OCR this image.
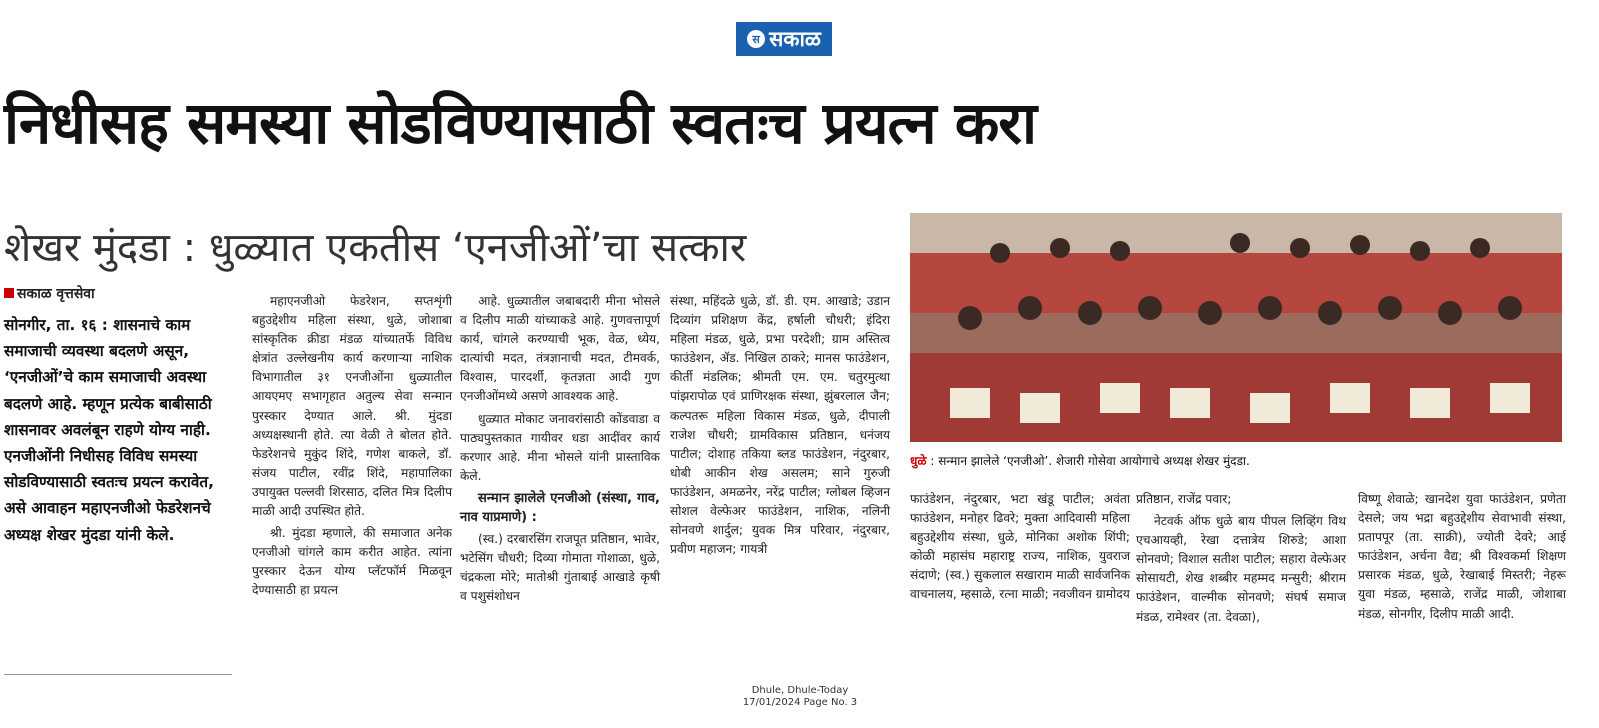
स सकाळ
निधीसह समस्या सोडविण्यासाठी स्वतःच प्रयत्न करा
शेखर मुंदडा : धुळ्यात एकतीस ‘एनजीओं’चा सत्कार
सकाळ वृत्तसेवा
सोनगीर, ता. १६ : शासनाचे काम समाजाची व्यवस्था बदलणे असून, ‘एनजीओं’चे काम समाजाची अवस्था बदलणे आहे. म्हणून प्रत्येक बाबीसाठी शासनावर अवलंबून राहणे योग्य नाही. एनजीओंनी निधीसह विविध समस्या सोडविण्यासाठी स्वतःच प्रयत्न करावेत, असे आवाहन महाएनजीओ फेडरेशनचे अध्यक्ष शेखर मुंदडा यांनी केले.

महाएनजीओ फेडरेशन, सप्तशृंगी बहुउद्देशीय महिला संस्था, धुळे, जोशाबा सांस्कृतिक क्रीडा मंडळ यांच्यातर्फे विविध क्षेत्रांत उल्लेखनीय कार्य करणाऱ्या नाशिक विभागातील ३१ एनजीओंना धुळ्यातील आयएमए सभागृहात अतुल्य सेवा सन्मान पुरस्कार देण्यात आले. श्री. मुंदडा अध्यक्षस्थानी होते. त्या वेळी ते बोलत होते. फेडरेशनचे मुकुंद शिंदे, गणेश बाकले, डॉ. संजय पाटील, रवींद्र शिंदे, महापालिका उपायुक्त पल्लवी शिरसाठ, दलित मित्र दिलीप माळी आदी उपस्थित होते.

श्री. मुंदडा म्हणाले, की समाजात अनेक एनजीओ चांगले काम करीत आहेत. त्यांना पुरस्कार देऊन योग्य प्लॅटफॉर्म मिळवून देण्यासाठी हा प्रयत्न

आहे. धुळ्यातील जबाबदारी मीना भोसले व दिलीप माळी यांच्याकडे आहे. गुणवत्तापूर्ण कार्य, चांगले करण्याची भूक, वेळ, ध्येय, दात्यांची मदत, तंत्रज्ञानाची मदत, टीमवर्क, विश्वास, पारदर्शी, कृतज्ञता आदी गुण एनजीओंमध्ये असणे आवश्यक आहे.

धुळ्यात मोकाट जनावरांसाठी कोंडवाडा व पाठ्यपुस्तकात गायीवर धडा आदींवर कार्य करणार आहे. मीना भोसले यांनी प्रास्ताविक केले.

सन्मान झालेले एनजीओ (संस्था, गाव, नाव याप्रमाणे) :

(स्व.) दरबारसिंग राजपूत प्रतिष्ठान, भावेर, भटेसिंग चौधरी; दिव्या गोमाता गोशाळा, धुळे, चंद्रकला मोरे; मातोश्री गुंताबाई आखाडे कृषी व पशुसंशोधन

संस्था, महिंदळे धुळे, डॉ. डी. एम. आखाडे; उडान दिव्यांग प्रशिक्षण केंद्र, हर्षाली चौधरी; इंदिरा महिला मंडळ, धुळे, प्रभा परदेशी; ग्राम अस्तित्व फाउंडेशन, ॲड. निखिल ठाकरे; मानस फाउंडेशन, कीर्ती मंडलिक; श्रीमती एम. एम. चतुरमुत्था पांझरापोळ एवं प्राणिरक्षक संस्था, झुंबरलाल जैन; कल्पतरू महिला विकास मंडळ, धुळे, दीपाली राजेश चौधरी; ग्रामविकास प्रतिष्ठान, धनंजय पाटील; दोशाह तकिया ब्लड फाउंडेशन, नंदुरबार, धोबी आकीन शेख असलम; साने गुरुजी फाउंडेशन, अमळनेर, नरेंद्र पाटील; ग्लोबल व्हिजन सोशल वेल्फेअर फाउंडेशन, नाशिक, नलिनी सोनवणे शार्दुल; युवक मित्र परिवार, नंदुरबार, प्रवीण महाजन; गायत्री

धुळे : सन्मान झालेले ‘एनजीओ’. शेजारी गोसेवा आयोगाचे अध्यक्ष शेखर मुंदडा.

फाउंडेशन, नंदुरबार, भटा खंडू पाटील; अवंता फाउंडेशन, मनोहर ढिवरे; मुक्ता आदिवासी महिला बहुउद्देशीय संस्था, धुळे, मोनिका अशोक शिंपी; कोळी महासंघ महाराष्ट्र राज्य, नाशिक, युवराज संदाणे; (स्व.) सुकलाल सखाराम माळी सार्वजनिक वाचनालय, म्हसाळे, रत्ना माळी; नवजीवन ग्रामोदय

प्रतिष्ठान, राजेंद्र पवार;

नेटवर्क ऑफ धुळे बाय पीपल लिव्हिंग विथ एचआयव्ही, रेखा दत्तात्रेय शिरुडे; आशा सोनवणे; विशाल सतीश पाटील; सहारा वेल्फेअर सोसायटी, शेख शब्बीर महम्मद मन्सुरी; श्रीराम फाउंडेशन, वाल्मीक सोनवणे; संघर्ष समाज मंडळ, रामेश्वर (ता. देवळा),

विष्णू शेवाळे; खानदेश युवा फाउंडेशन, प्रणेता देसले; जय भद्रा बहुउद्देशीय सेवाभावी संस्था, प्रतापपूर (ता. साक्री), ज्योती देवरे; आई फाउंडेशन, अर्चना वैद्य; श्री विश्वकर्मा शिक्षण प्रसारक मंडळ, धुळे, रेखाबाई मिस्तरी; नेहरू युवा मंडळ, म्हसाळे, राजेंद्र माळी, जोशाबा मंडळ, सोनगीर, दिलीप माळी आदी.

Dhule, Dhule-Today
17/01/2024 Page No. 3
